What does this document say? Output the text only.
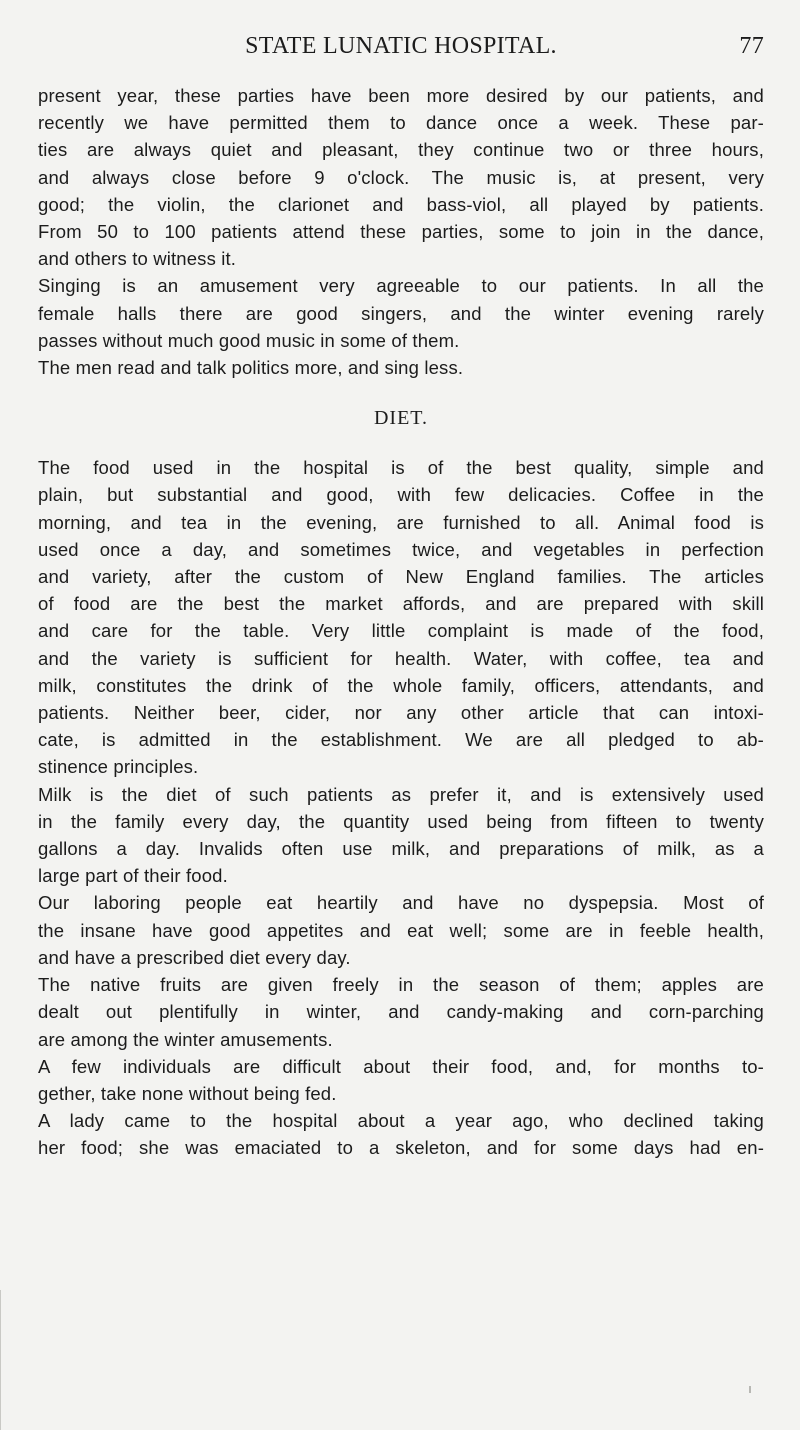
STATE LUNATIC HOSPITAL.	77

present year, these parties have been more desired by our patients, and
recently we have permitted them to dance once a week. These par-
ties are always quiet and pleasant, they continue two or three hours,
and always close before 9 o'clock. The music is, at present, very
good; the violin, the clarionet and bass-viol, all played by patients.
From 50 to 100 patients attend these parties, some to join in the dance,
and others to witness it.

Singing is an amusement very agreeable to our patients. In all the
female halls there are good singers, and the winter evening rarely
passes without much good music in some of them.

The men read and talk politics more, and sing less.

DIET.

The food used in the hospital is of the best quality, simple and
plain, but substantial and good, with few delicacies. Coffee in the
morning, and tea in the evening, are furnished to all. Animal food is
used once a day, and sometimes twice, and vegetables in perfection
and variety, after the custom of New England families. The articles
of food are the best the market affords, and are prepared with skill
and care for the table. Very little complaint is made of the food,
and the variety is sufficient for health. Water, with coffee, tea and
milk, constitutes the drink of the whole family, officers, attendants, and
patients. Neither beer, cider, nor any other article that can intoxi-
cate, is admitted in the establishment. We are all pledged to ab-
stinence principles.

Milk is the diet of such patients as prefer it, and is extensively used
in the family every day, the quantity used being from fifteen to twenty
gallons a day. Invalids often use milk, and preparations of milk, as a
large part of their food.

Our laboring people eat heartily and have no dyspepsia. Most of
the insane have good appetites and eat well; some are in feeble health,
and have a prescribed diet every day.

The native fruits are given freely in the season of them; apples are
dealt out plentifully in winter, and candy-making and corn-parching
are among the winter amusements.

A few individuals are difficult about their food, and, for months to-
gether, take none without being fed.

A lady came to the hospital about a year ago, who declined taking
her food; she was emaciated to a skeleton, and for some days had en-
